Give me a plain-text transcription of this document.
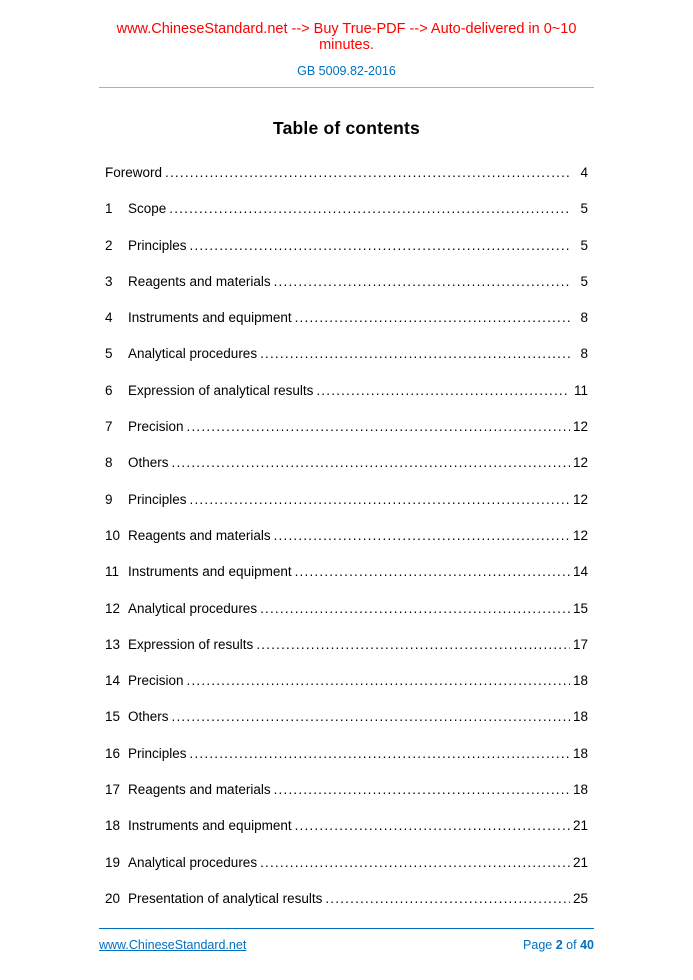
www.ChineseStandard.net --> Buy True-PDF --> Auto-delivered in 0~10 minutes.
GB 5009.82-2016
Table of contents
Foreword .....	4
1	Scope .....	5
2	Principles .....	5
3	Reagents and materials .....	5
4	Instruments and equipment .....	8
5	Analytical procedures .....	8
6	Expression of analytical results .....	11
7	Precision .....	12
8	Others .....	12
9	Principles .....	12
10 Reagents and materials .....	12
11 Instruments and equipment .....	14
12 Analytical procedures .....	15
13 Expression of results .....	17
14 Precision .....	18
15 Others .....	18
16 Principles .....	18
17 Reagents and materials .....	18
18 Instruments and equipment .....	21
19 Analytical procedures .....	21
20 Presentation of analytical results .....	25
www.ChineseStandard.net	Page 2 of 40
